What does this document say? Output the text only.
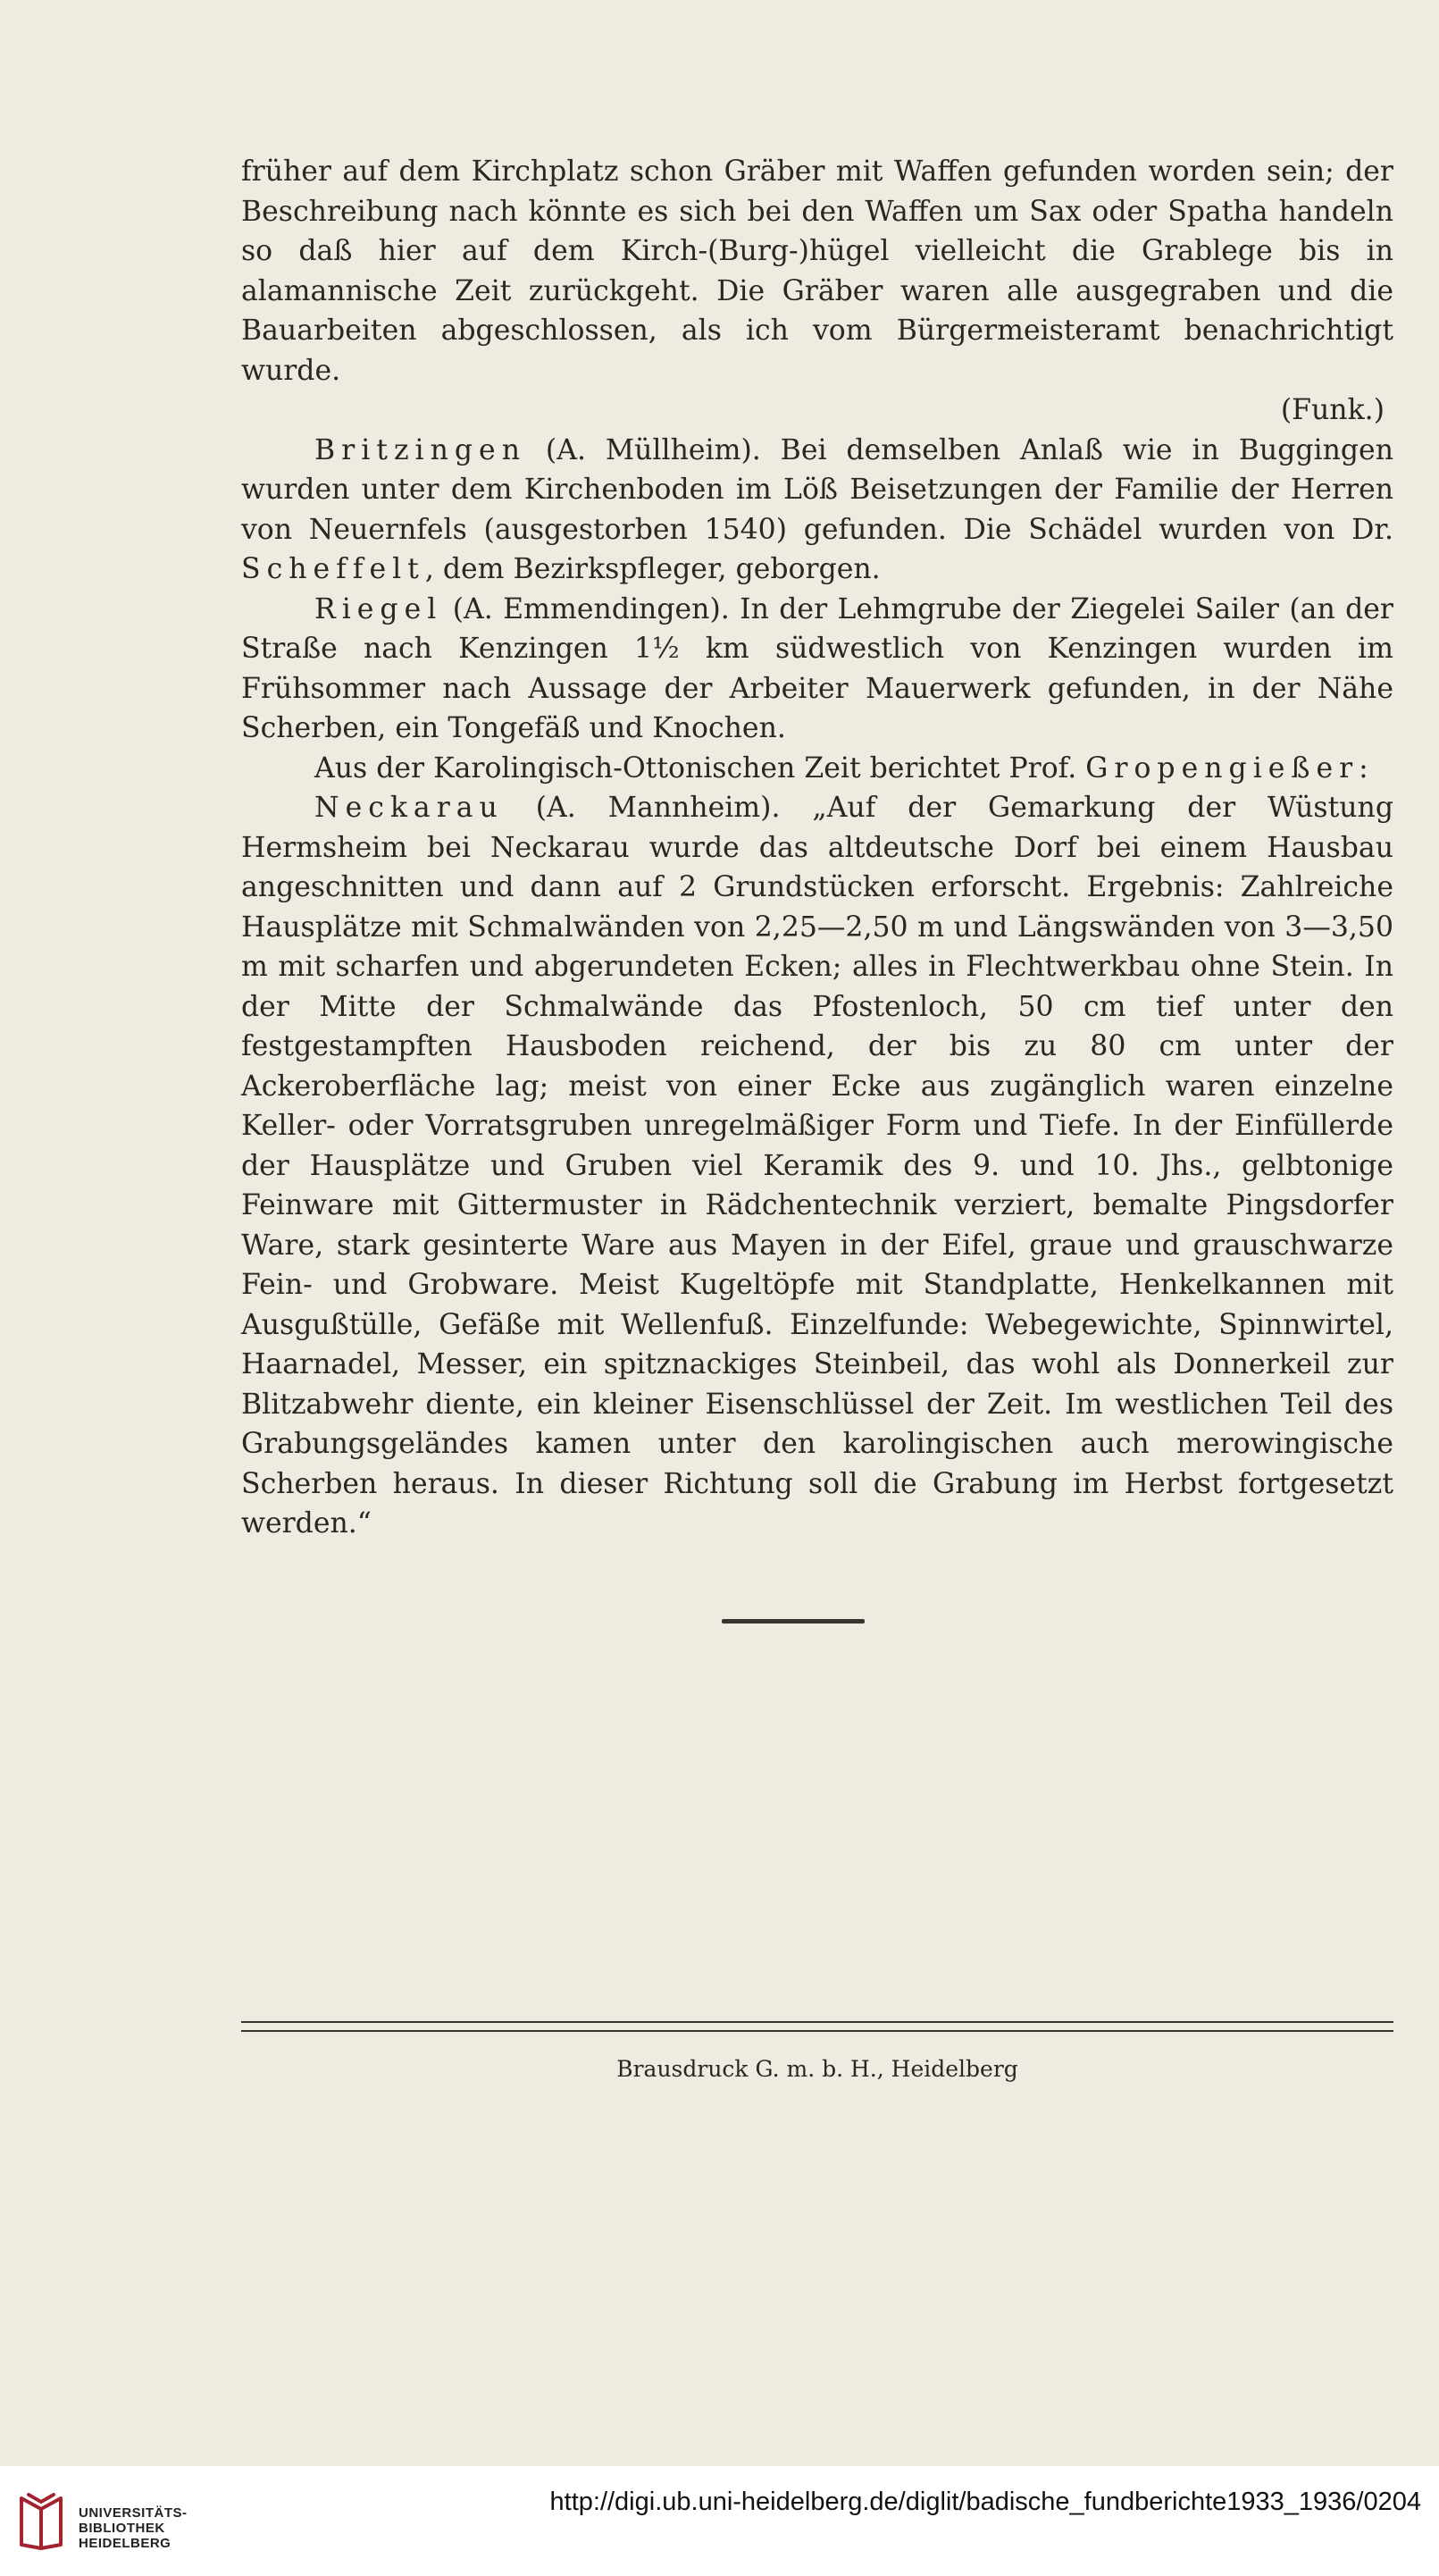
früher auf dem Kirchplatz schon Gräber mit Waffen gefunden worden sein; der Beschreibung nach könnte es sich bei den Waffen um Sax oder Spatha handeln so daß hier auf dem Kirch-(Burg-)hügel vielleicht die Grablege bis in alamannische Zeit zurückgeht. Die Gräber waren alle ausgegraben und die Bauarbeiten abgeschlossen, als ich vom Bürgermeisteramt benachrichtigt wurde.

(Funk.)

Britzingen (A. Müllheim). Bei demselben Anlaß wie in Buggingen wurden unter dem Kirchenboden im Löß Beisetzungen der Familie der Herren von Neuernfels (ausgestorben 1540) gefunden. Die Schädel wurden von Dr. Scheffelt, dem Bezirkspfleger, geborgen.

Riegel (A. Emmendingen). In der Lehmgrube der Ziegelei Sailer (an der Straße nach Kenzingen 1½ km südwestlich von Kenzingen wurden im Frühsommer nach Aussage der Arbeiter Mauerwerk gefunden, in der Nähe Scherben, ein Tongefäß und Knochen.

Aus der Karolingisch-Ottonischen Zeit berichtet Prof. Gropengießer:

Neckarau (A. Mannheim). „Auf der Gemarkung der Wüstung Hermsheim bei Neckarau wurde das altdeutsche Dorf bei einem Hausbau angeschnitten und dann auf 2 Grundstücken erforscht. Ergebnis: Zahlreiche Hausplätze mit Schmalwänden von 2,25—2,50 m und Längswänden von 3—3,50 m mit scharfen und abgerundeten Ecken; alles in Flechtwerkbau ohne Stein. In der Mitte der Schmalwände das Pfostenloch, 50 cm tief unter den festgestampften Hausboden reichend, der bis zu 80 cm unter der Ackeroberfläche lag; meist von einer Ecke aus zugänglich waren einzelne Keller- oder Vorratsgruben unregelmäßiger Form und Tiefe. In der Einfüllerde der Hausplätze und Gruben viel Keramik des 9. und 10. Jhs., gelbtonige Feinware mit Gittermuster in Rädchentechnik verziert, bemalte Pingsdorfer Ware, stark gesinterte Ware aus Mayen in der Eifel, graue und grauschwarze Fein- und Grobware. Meist Kugeltöpfe mit Standplatte, Henkelkannen mit Ausgußtülle, Gefäße mit Wellenfuß. Einzelfunde: Webegewichte, Spinnwirtel, Haarnadel, Messer, ein spitznackiges Steinbeil, das wohl als Donnerkeil zur Blitzabwehr diente, ein kleiner Eisenschlüssel der Zeit. Im westlichen Teil des Grabungsgeländes kamen unter den karolingischen auch merowingische Scherben heraus. In dieser Richtung soll die Grabung im Herbst fortgesetzt werden.“

Brausdruck G. m. b. H., Heidelberg
UNIVERSITÄTS-
BIBLIOTHEK
HEIDELBERG
http://digi.ub.uni-heidelberg.de/diglit/badische_fundberichte1933_1936/0204
